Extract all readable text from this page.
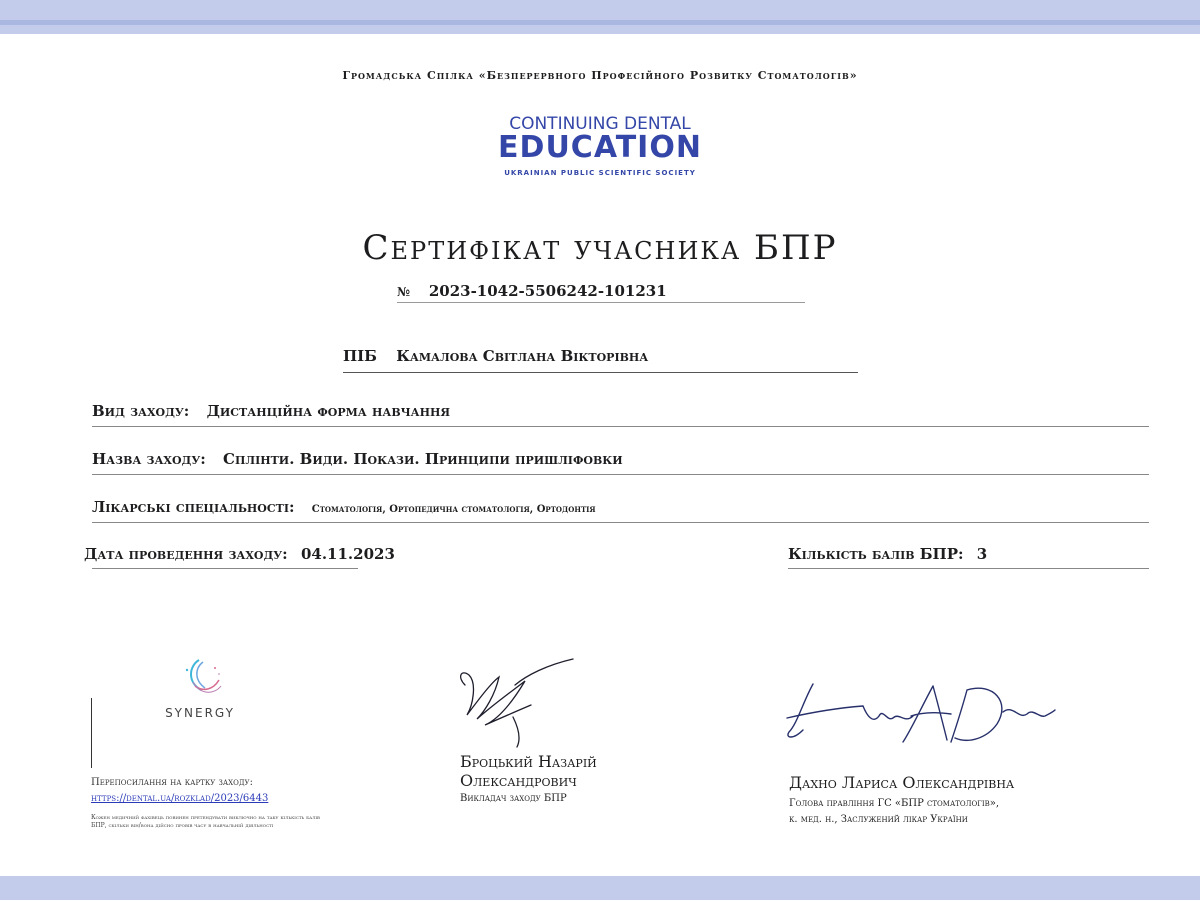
Громадська Спілка «Безперервного Професійного Розвитку Стоматологів»
CONTINUING DENTAL
EDUCATION
UKRAINIAN PUBLIC SCIENTIFIC SOCIETY
Сертифікат учасника БПР
№ 2023-1042-5506242-101231
ПІБ Камалова Світлана Вікторівна
Вид заходу: Дистанційна форма навчання
Назва заходу: Сплінти. Види. Покази. Принципи пришліфовки
Лікарські спеціальності: Стоматологія, Ортопедична стоматологія, Ортодонтія
Дата проведення заходу: 04.11.2023	Кількість балів БПР: 3
SYNERGY
Перепосилання на картку заходу:
https://dental.ua/rozklad/2023/6443
Кожен медичний фахівець повинен претендувати виключно на таку кількість балів БПР, скільки він/вона дійсно провів часу в навчальній діяльності
Броцький Назарій
Олександрович
Викладач заходу БПР
Дахно Лариса Олександрівна
Голова правління ГС «БПР стоматологів»,
к. мед. н., Заслужений лікар України
